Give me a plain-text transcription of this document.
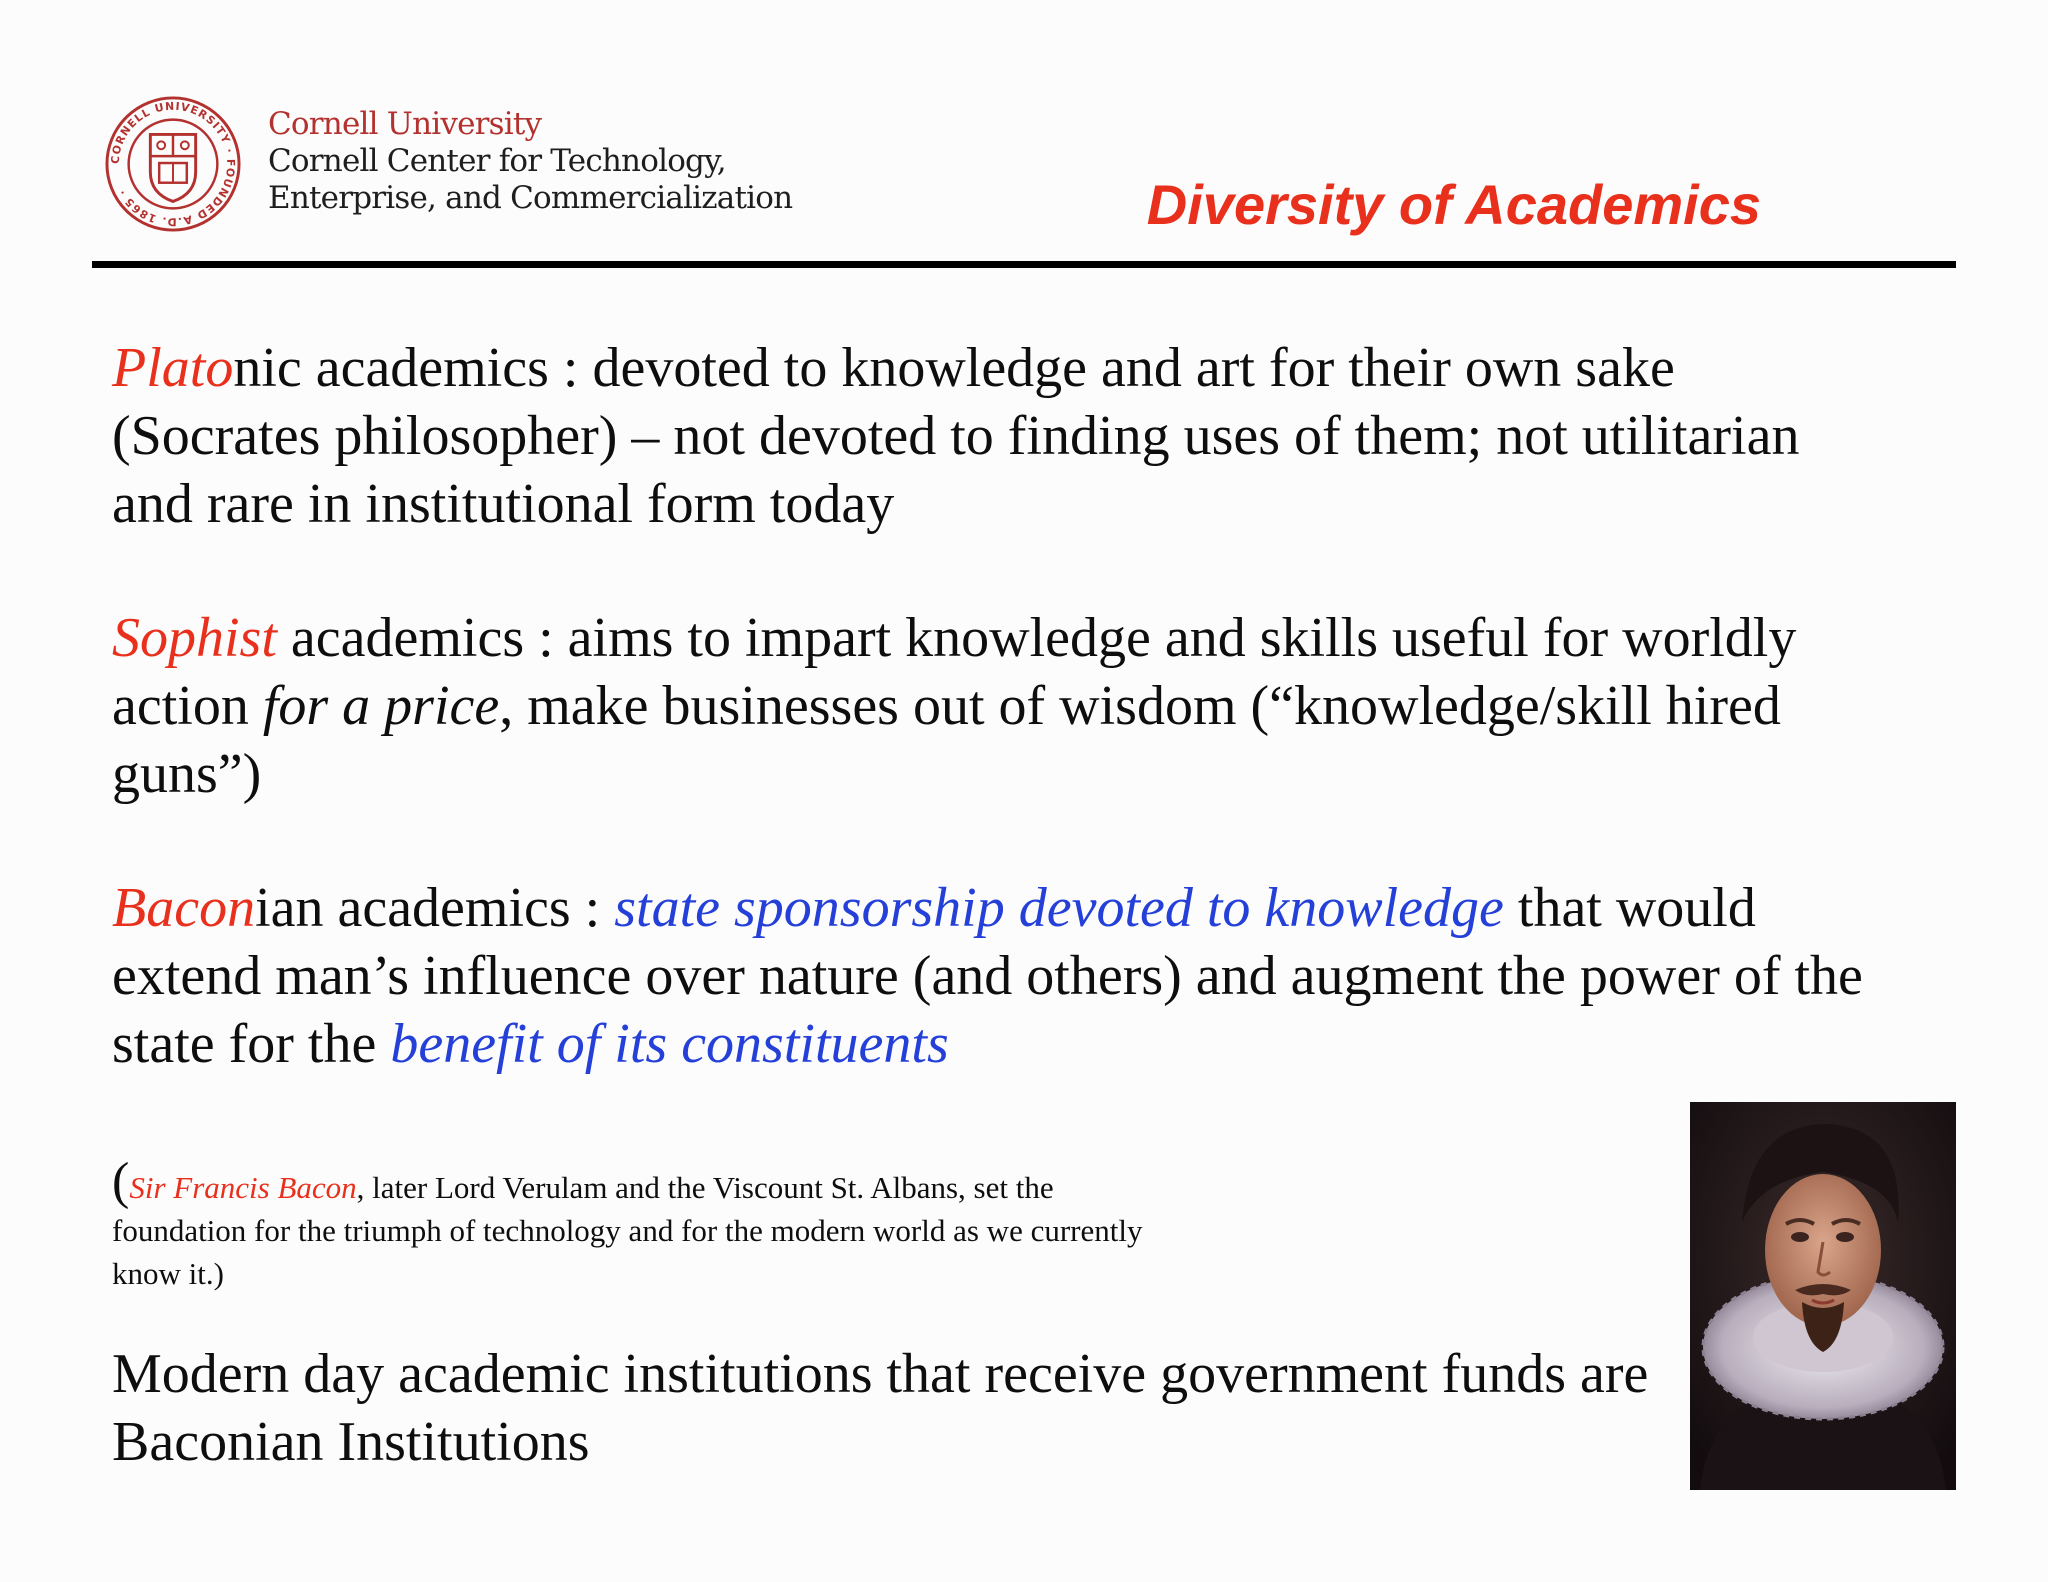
CORNELL UNIVERSITY · FOUNDED A.D. 1865 ·

Cornell University
Cornell Center for Technology,
Enterprise, and Commercialization	Diversity of Academics

Platonic academics : devoted to knowledge and art for their own sake (Socrates philosopher) – not devoted to finding uses of them; not utilitarian and rare in institutional form today

Sophist academics : aims to impart knowledge and skills useful for worldly action for a price, make businesses out of wisdom (“knowledge/skill hired guns”)

Baconian academics : state sponsorship devoted to knowledge that would extend man’s influence over nature (and others) and augment the power of the state for the benefit of its constituents

(Sir Francis Bacon, later Lord Verulam and the Viscount St. Albans, set the foundation for the triumph of technology and for the modern world as we currently know it.)

Modern day academic institutions that receive government funds are Baconian Institutions
